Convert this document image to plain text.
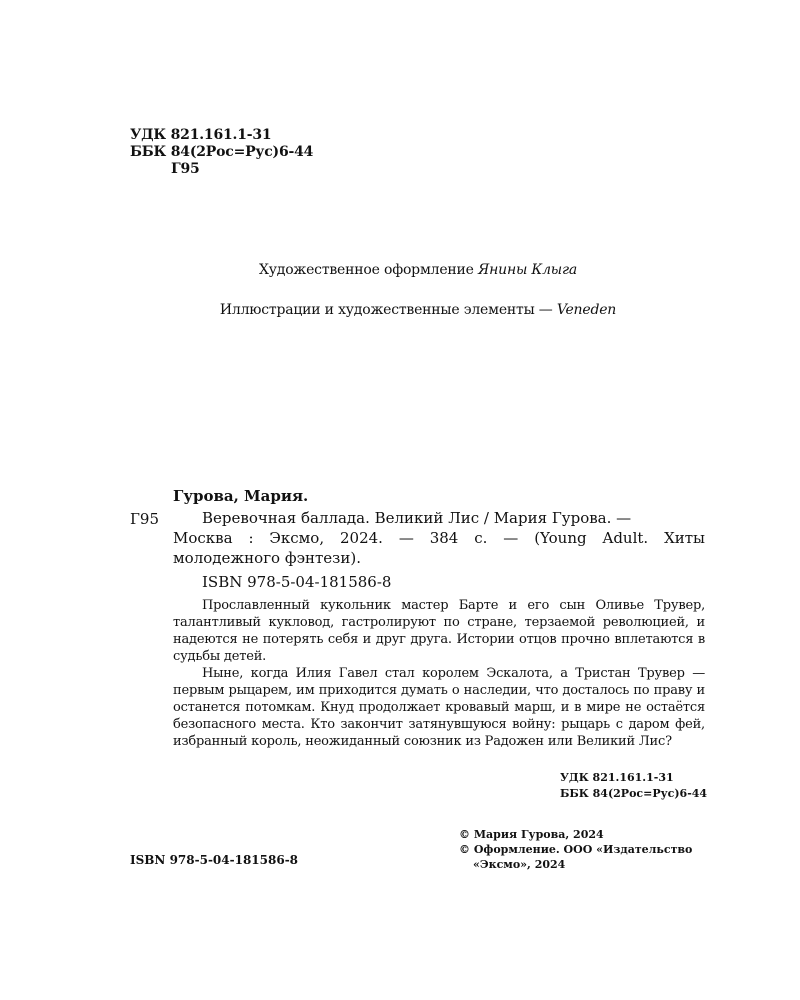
УДК 821.161.1-31
ББК 84(2Рос=Рус)6-44
Г95
Художественное оформление Янины Клыга
Иллюстрации и художественные элементы — Veneden
Гурова, Мария.
Г95	Веревочная баллада. Великий Лис / Мария Гурова. —
Москва : Эксмо, 2024. — 384 с. — (Young Adult. Хиты молодежного фэнтези).
ISBN 978-5-04-181586-8

Прославленный кукольник мастер Барте и его сын Оливье Трувер, талантливый кукловод, гастролируют по стране, терзаемой революцией, и надеются не потерять себя и друг друга. Истории отцов прочно вплетаются в судьбы детей.

Ныне, когда Илия Гавел стал королем Эскалота, а Тристан Трувер — первым рыцарем, им приходится думать о наследии, что досталось по праву и останется потомкам. Кнуд продолжает кровавый марш, и в мире не остаётся безопасного места. Кто закончит затянувшуюся войну: рыцарь с даром фей, избранный король, неожиданный союзник из Радожен или Великий Лис?

УДК 821.161.1-31
ББК 84(2Рос=Рус)6-44
© Мария Гурова, 2024
© Оформление. ООО «Издательство
«Эксмо», 2024
ISBN 978-5-04-181586-8
